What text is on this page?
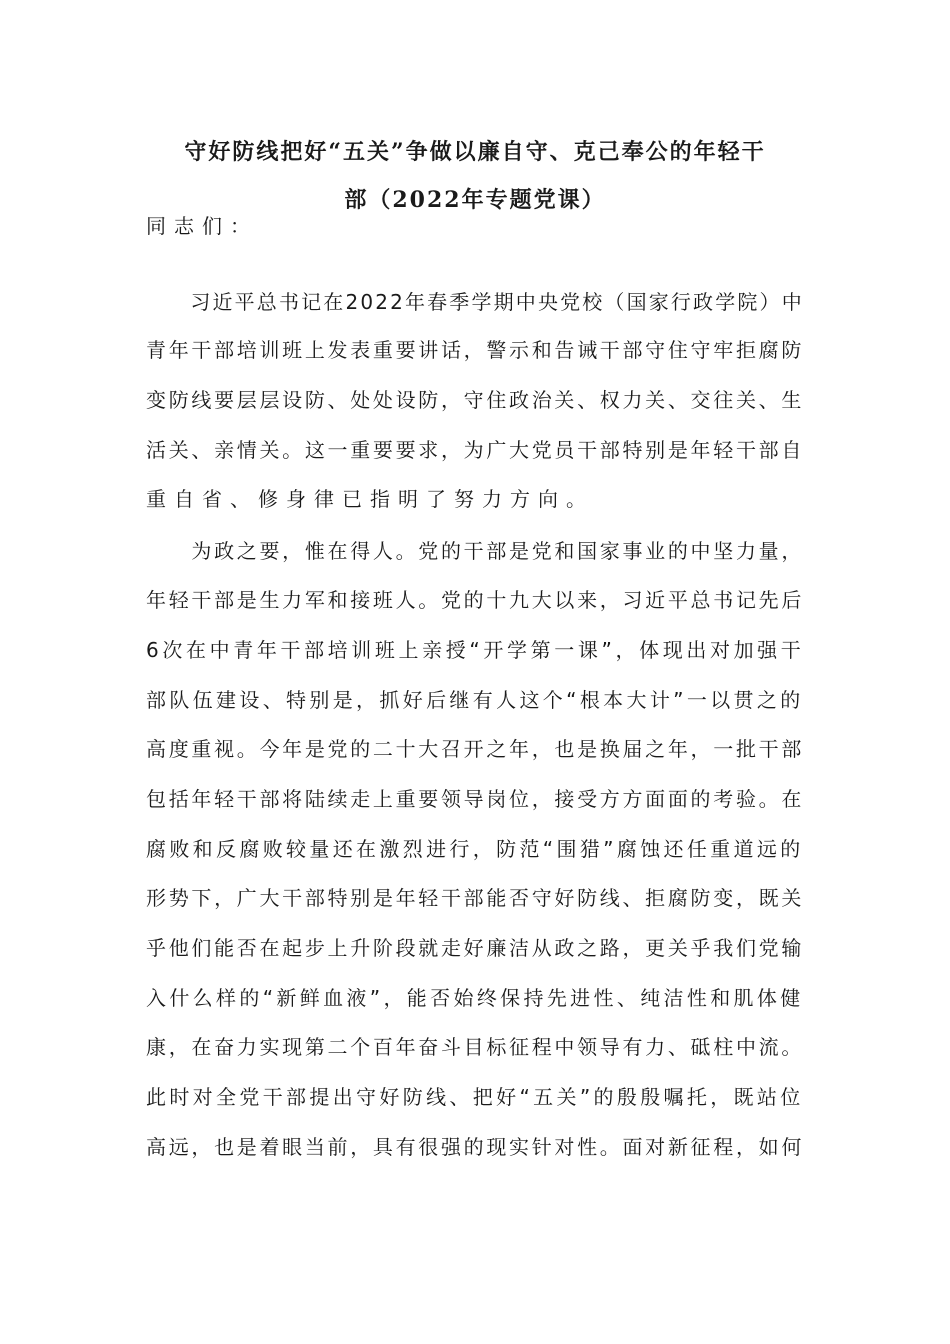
守好防线把好“五关”争做以廉自守、克己奉公的年轻干
部（2022年专题党课）
同志们：
　　习近平总书记在2022年春季学期中央党校（国家行政学院）中
青年干部培训班上发表重要讲话，警示和告诫干部守住守牢拒腐防
变防线要层层设防、处处设防，守住政治关、权力关、交往关、生
活关、亲情关。这一重要要求，为广大党员干部特别是年轻干部自
重自省、修身律已指明了努力方向。
　　为政之要，惟在得人。党的干部是党和国家事业的中坚力量，
年轻干部是生力军和接班人。党的十九大以来，习近平总书记先后
6次在中青年干部培训班上亲授“开学第一课”，体现出对加强干
部队伍建设、特别是，抓好后继有人这个“根本大计”一以贯之的
高度重视。今年是党的二十大召开之年，也是换届之年，一批干部
包括年轻干部将陆续走上重要领导岗位，接受方方面面的考验。在
腐败和反腐败较量还在激烈进行，防范“围猎”腐蚀还任重道远的
形势下，广大干部特别是年轻干部能否守好防线、拒腐防变，既关
乎他们能否在起步上升阶段就走好廉洁从政之路，更关乎我们党输
入什么样的“新鲜血液”，能否始终保持先进性、纯洁性和肌体健
康，在奋力实现第二个百年奋斗目标征程中领导有力、砥柱中流。
此时对全党干部提出守好防线、把好“五关”的殷殷嘱托，既站位
高远，也是着眼当前，具有很强的现实针对性。面对新征程，如何
